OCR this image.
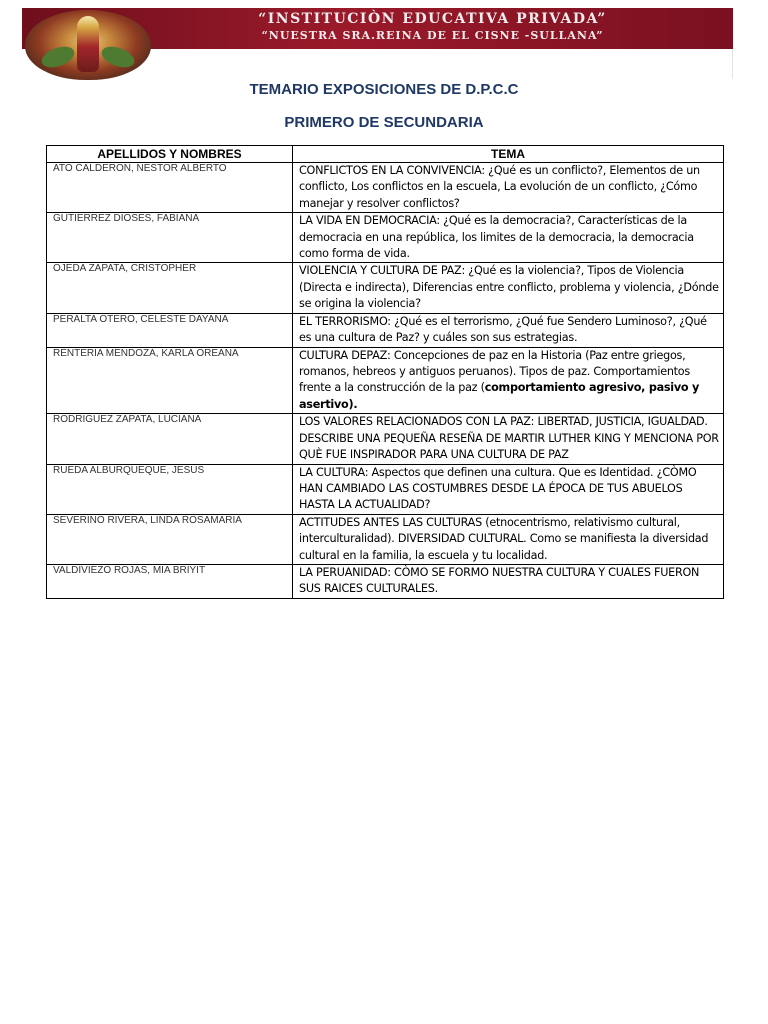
“INSTITUCIÒN EDUCATIVA PRIVADA”
“NUESTRA SRA.REINA DE EL CISNE -SULLANA”
TEMARIO EXPOSICIONES DE D.P.C.C
PRIMERO DE SECUNDARIA
APELLIDOS Y NOMBRES	TEMA
ATO CALDERON, NESTOR ALBERTO	CONFLICTOS EN LA CONVIVENCIA: ¿Qué es un conflicto?, Elementos de un conflicto, Los conflictos en la escuela, La evolución de un conflicto, ¿Cómo manejar y resolver conflictos?
GUTIERREZ DIOSES, FABIANA	LA VIDA EN DEMOCRACIA: ¿Qué es la democracia?, Características de la democracia en una república, los limites de la democracia, la democracia como forma de vida.
OJEDA ZAPATA, CRISTOPHER	VIOLENCIA Y CULTURA DE PAZ: ¿Qué es la violencia?, Tipos de Violencia (Directa e indirecta), Diferencias entre conflicto, problema y violencia, ¿Dónde se origina la violencia?
PERALTA OTERO, CELESTE DAYANA	EL TERRORISMO: ¿Qué es el terrorismo, ¿Qué fue Sendero Luminoso?, ¿Qué es una cultura de Paz? y cuáles son sus estrategias.
RENTERIA MENDOZA, KARLA OREANA	CULTURA DEPAZ: Concepciones de paz en la Historia (Paz entre griegos, romanos, hebreos y antiguos peruanos). Tipos de paz. Comportamientos frente a la construcción de la paz (comportamiento agresivo, pasivo y asertivo).
RODRIGUEZ ZAPATA, LUCIANA	LOS VALORES RELACIONADOS CON LA PAZ: LIBERTAD, JUSTICIA, IGUALDAD. DESCRIBE UNA PEQUEÑA RESEÑA DE MARTIR LUTHER KING Y MENCIONA POR QUÈ FUE INSPIRADOR PARA UNA CULTURA DE PAZ
RUEDA ALBURQUEQUE, JESUS	LA CULTURA: Aspectos que definen una cultura. Que es Identidad. ¿CÒMO HAN CAMBIADO LAS COSTUMBRES DESDE LA ÉPOCA DE TUS ABUELOS HASTA LA ACTUALIDAD?
SEVERINO RIVERA, LINDA ROSAMARIA	ACTITUDES ANTES LAS CULTURAS (etnocentrismo, relativismo cultural, interculturalidad). DIVERSIDAD CULTURAL. Como se manifiesta la diversidad cultural en la familia, la escuela y tu localidad.
VALDIVIEZO ROJAS, MIA BRIYIT	LA PERUANIDAD: CÒMO SE FORMO NUESTRA CULTURA Y CUALES FUERON SUS RAICES CULTURALES.
